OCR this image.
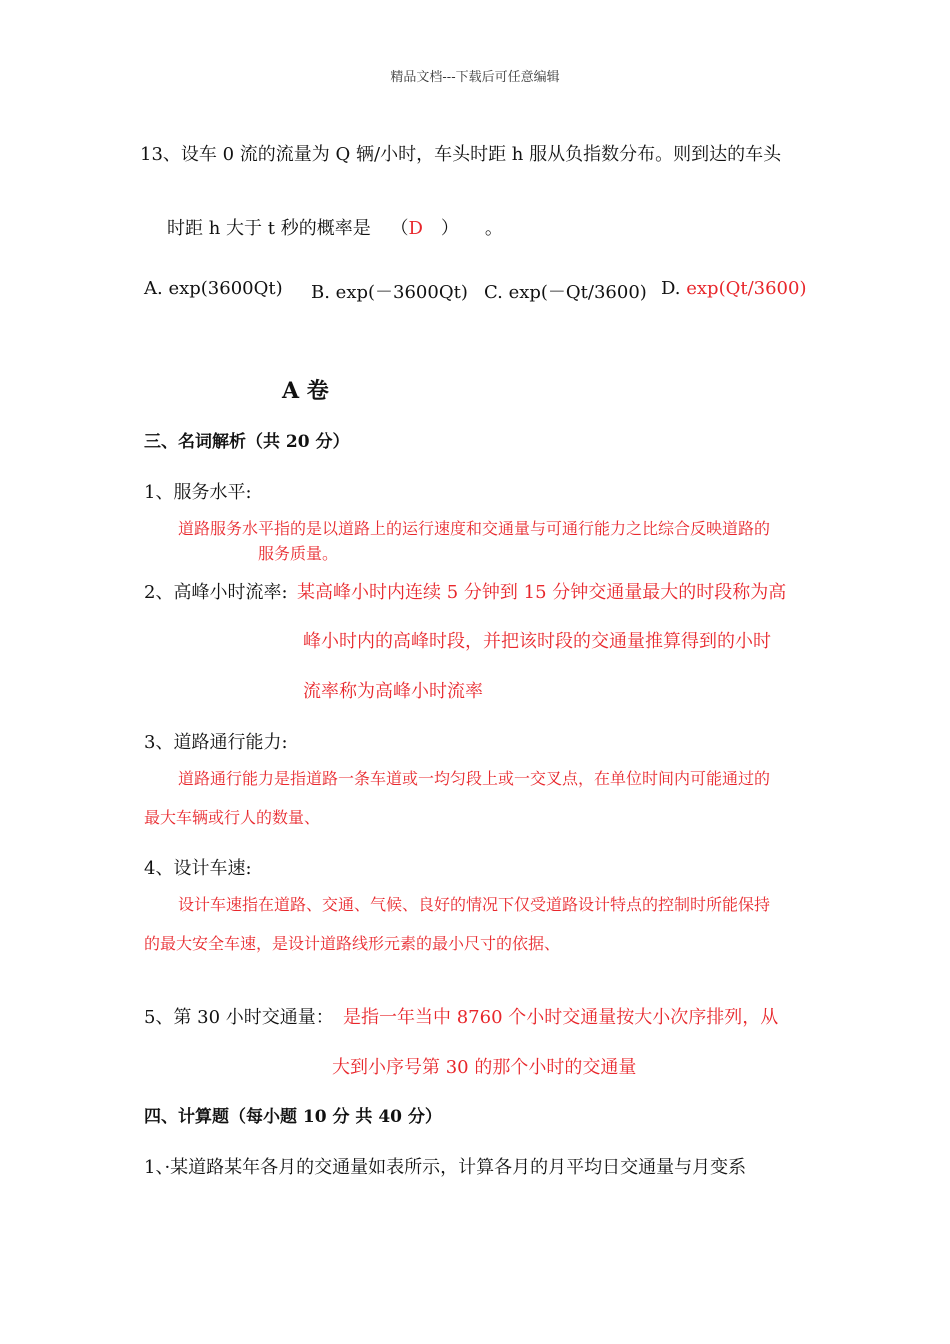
精品文档---下载后可任意编辑
13、设车 0 流的流量为 Q 辆/小时，车头时距 h 服从负指数分布。则到达的车头
时距 h 大于 t 秒的概率是 （D ） 。
A. exp(3600Qt) B. exp(－3600Qt) C. exp(－Qt/3600) D. exp(Qt/3600)
A 卷
三、名词解析（共 20 分）
1、服务水平:
道路服务水平指的是以道路上的运行速度和交通量与可通行能力之比综合反映道路的
服务质量。
2、高峰小时流率: 某高峰小时内连续 5 分钟到 15 分钟交通量最大的时段称为高
峰小时内的高峰时段，并把该时段的交通量推算得到的小时
流率称为高峰小时流率
3、道路通行能力:
道路通行能力是指道路一条车道或一均匀段上或一交叉点，在单位时间内可能通过的
最大车辆或行人的数量、
4、设计车速:
设计车速指在道路、交通、气候、良好的情况下仅受道路设计特点的控制时所能保持
的最大安全车速，是设计道路线形元素的最小尺寸的依据、
5、第 30 小时交通量： 是指一年当中 8760 个小时交通量按大小次序排列，从
大到小序号第 30 的那个小时的交通量
四、计算题（每小题 10 分 共 40 分）
1、·某道路某年各月的交通量如表所示，计算各月的月平均日交通量与月变系
